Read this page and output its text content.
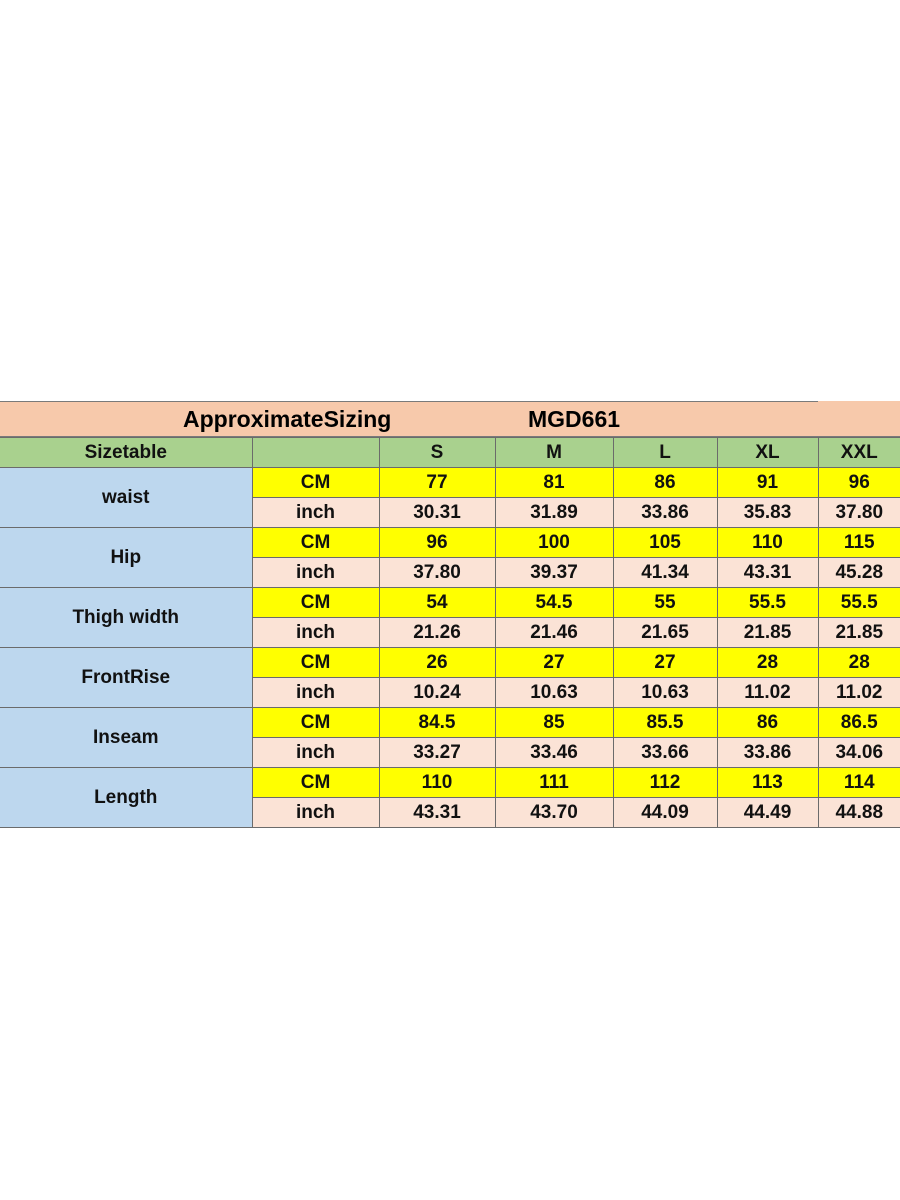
ApproximateSizing	MGD661
Sizetable		S	M	L	XL	XXL
waist	CM	77	81	86	91	96
	inch	30.31	31.89	33.86	35.83	37.80
Hip	CM	96	100	105	110	115
	inch	37.80	39.37	41.34	43.31	45.28
Thigh width	CM	54	54.5	55	55.5	55.5
	inch	21.26	21.46	21.65	21.85	21.85
FrontRise	CM	26	27	27	28	28
	inch	10.24	10.63	10.63	11.02	11.02
Inseam	CM	84.5	85	85.5	86	86.5
	inch	33.27	33.46	33.66	33.86	34.06
Length	CM	110	111	112	113	114
	inch	43.31	43.70	44.09	44.49	44.88
